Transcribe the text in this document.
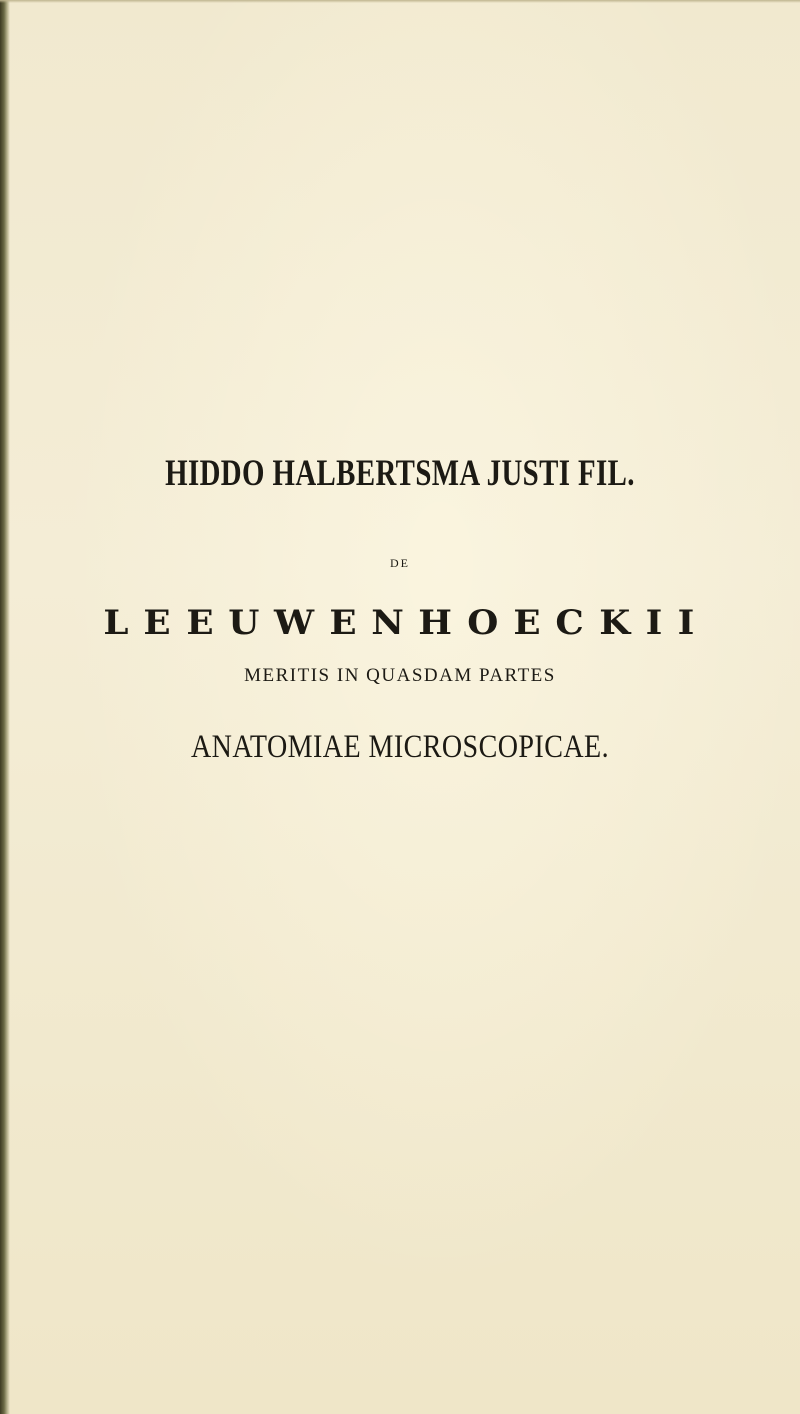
HIDDO HALBERTSMA JUSTI FIL.
DE
L E E U W E N H O E C K I I
MERITIS IN QUASDAM PARTES
ANATOMIAE MICROSCOPICAE.
